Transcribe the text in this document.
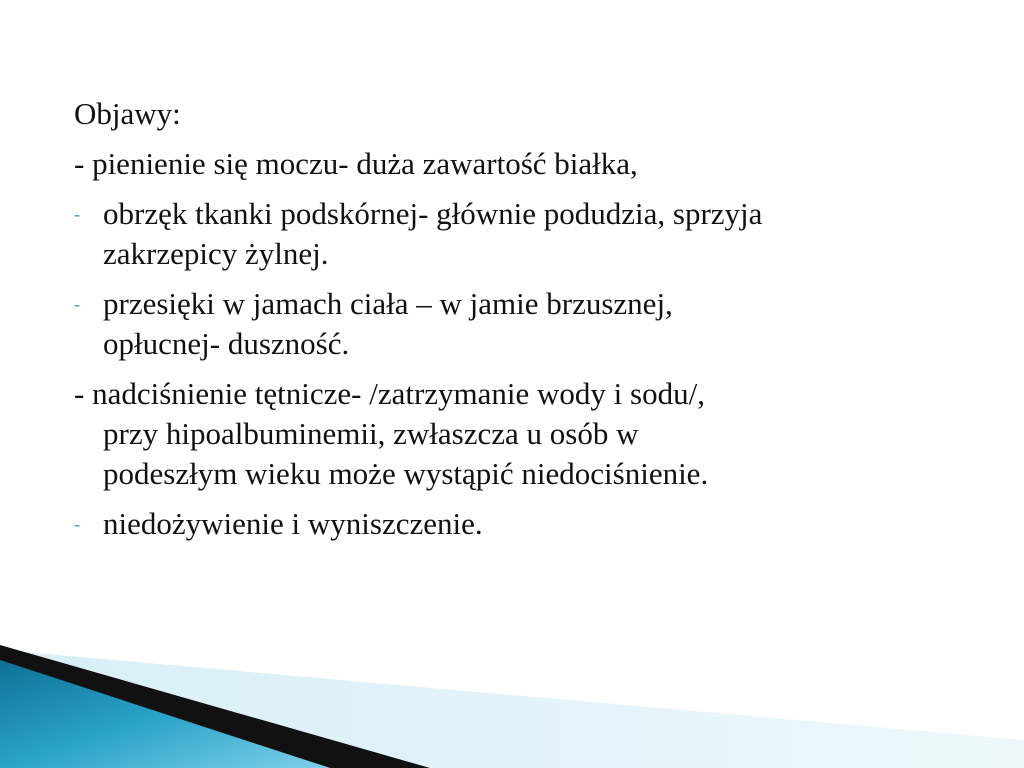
Objawy:
- pienienie się moczu- duża zawartość białka,
- obrzęk tkanki podskórnej- głównie podudzia, sprzyja
zakrzepicy żylnej.
- przesięki w jamach ciała – w jamie brzusznej,
opłucnej- duszność.
- nadciśnienie tętnicze- /zatrzymanie wody i sodu/,
przy hipoalbuminemii, zwłaszcza u osób w
podeszłym wieku może wystąpić niedociśnienie.
- niedożywienie i wyniszczenie.
